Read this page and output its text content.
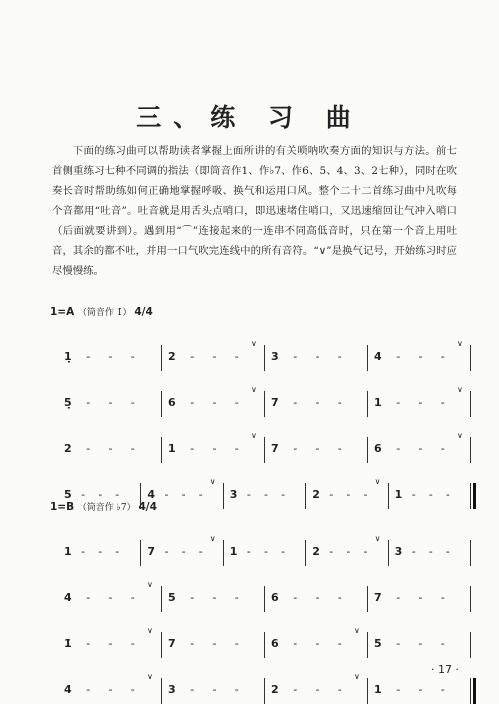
三、练 习 曲

下面的练习曲可以帮助读者掌握上面所讲的有关唢呐吹奏方面的知识与方法。前七首侧重练习七种不同调的指法（即筒音作1、作♭7、作6、5、4、3、2七种），同时在吹奏长音时帮助练如何正确地掌握呼吸、换气和运用口风。整个二十二首练习曲中凡吹每个音都用“吐音”。吐音就是用舌头点哨口，即迅速堵住哨口，又迅速缩回让气冲入哨口（后面就要讲到）。遇到用“⌒”连接起来的一连串不同高低音时，只在第一个音上用吐音，其余的都不吐，并用一口气吹完连线中的所有音符。“∨”是换气记号，开始练习时应尽慢慢练。

1=A （筒音作 1̇） 4/4
1̣ - - -	2 - - -
∨
3 - - -	4 - - -
∨
5̣ - - -	6 - - -
∨
7 - - -	1 - - -
∨
2 - - -	1 - - -
∨
7 - - -	6 - - -
∨
5 - - -	4 - - -
∨
3 - - - 2 - - -
∨
1 - - -
1=B （筒音作 ♭7） 4/4
1 - - -	7 - - -
∨
1 - - - 2 - - -
∨
3 - - -
4 - - -
∨
5 - - -	6 - - -	7 - - -
1̇ - - -
∨
7 - - -	6 - - -
∨
5 - - -
4 - - -
∨
3 - - -	2 - - -
∨
1 - - -
· 17 ·
